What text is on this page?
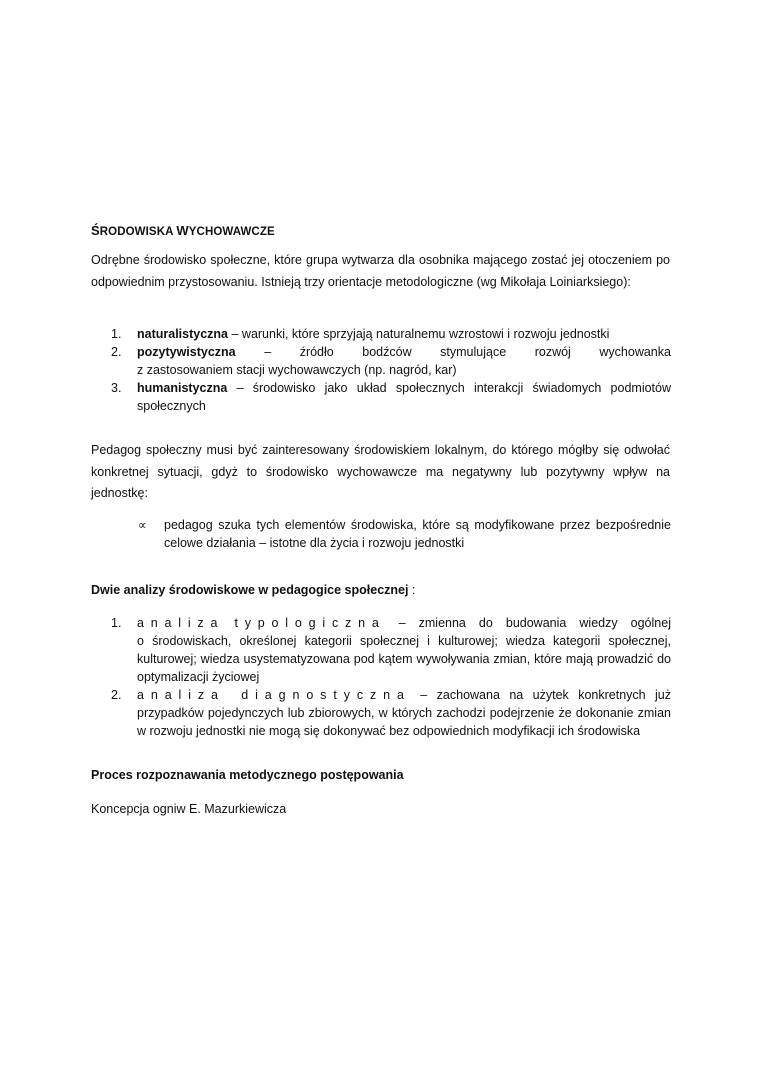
ŚRODOWISKA WYCHOWAWCZE
Odrębne środowisko społeczne, które grupa wytwarza dla osobnika mającego zostać jej otoczeniem po odpowiednim przystosowaniu. Istnieją trzy orientacje metodologiczne (wg Mikołaja Loiniarksiego):
1. naturalistyczna – warunki, które sprzyjają naturalnemu wzrostowi i rozwoju jednostki
2. pozytywistyczna – źródło bodźców stymulujące rozwój wychowanka
z zastosowaniem stacji wychowawczych (np. nagród, kar)
3. humanistyczna – środowisko jako układ społecznych interakcji świadomych podmiotów społecznych
Pedagog społeczny musi być zainteresowany środowiskiem lokalnym, do którego mógłby się odwołać konkretnej sytuacji, gdyż to środowisko wychowawcze ma negatywny lub pozytywny wpływ na jednostkę:
∝ pedagog szuka tych elementów środowiska, które są modyfikowane przez bezpośrednie celowe działania – istotne dla życia i rozwoju jednostki
Dwie analizy środowiskowe w pedagogice społecznej :
1. analiza typologiczna – zmienna do budowania wiedzy ogólnej
o środowiskach, określonej kategorii społecznej i kulturowej; wiedza kategorii społecznej, kulturowej; wiedza usystematyzowana pod kątem wywoływania zmian, które mają prowadzić do optymalizacji życiowej
2. analiza diagnostyczna – zachowana na użytek konkretnych już przypadków pojedynczych lub zbiorowych, w których zachodzi podejrzenie że dokonanie zmian w rozwoju jednostki nie mogą się dokonywać bez odpowiednich modyfikacji ich środowiska
Proces rozpoznawania metodycznego postępowania
Koncepcja ogniw E. Mazurkiewicza
